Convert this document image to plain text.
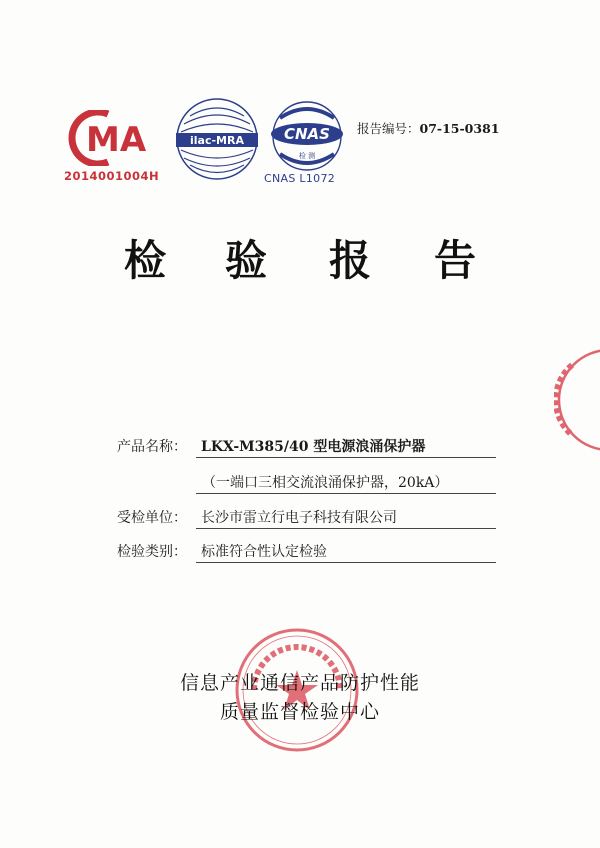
MA
2014001004H
ilac-MRA	CNAS
检 测
CNAS L1072
报告编号：07-15-0381
检 验 报 告
产品名称： LKX-M385/40 型电源浪涌保护器
（一端口三相交流浪涌保护器，20kA）
受检单位： 长沙市雷立行电子科技有限公司
检验类别： 标准符合性认定检验
信息产业通信产品防护性能
质量监督检验中心
